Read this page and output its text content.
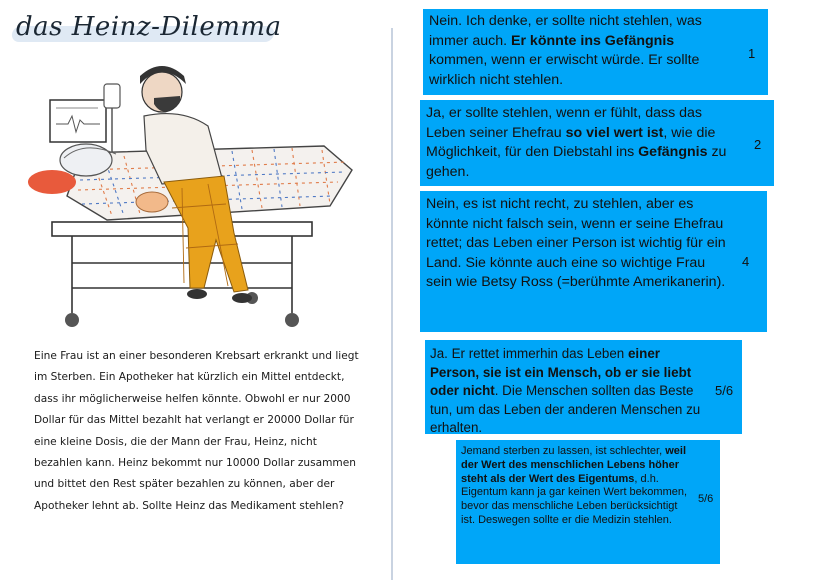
das Heinz-Dilemma

Eine Frau ist an einer besonderen Krebsart erkrankt und liegt im Sterben. Ein Apotheker hat kürzlich ein Mittel entdeckt, dass ihr möglicherweise helfen könnte. Obwohl er nur 2000 Dollar für das Mittel bezahlt hat verlangt er 20000 Dollar für eine kleine Dosis, die der Mann der Frau, Heinz, nicht bezahlen kann. Heinz bekommt nur 10000 Dollar zusammen und bittet den Rest später bezahlen zu können, aber der Apotheker lehnt ab. Sollte Heinz das Medikament stehlen?

Nein. Ich denke, er sollte nicht stehlen, was immer auch. Er könnte ins Gefängnis kommen, wenn er erwischt würde. Er sollte wirklich nicht stehlen.

1

Ja, er sollte stehlen, wenn er fühlt, dass das Leben seiner Ehefrau so viel wert ist, wie die Möglichkeit, für den Diebstahl ins Gefängnis zu gehen.

2

Nein, es ist nicht recht, zu stehlen, aber es könnte nicht falsch sein, wenn er seine Ehefrau rettet; das Leben einer Person ist wichtig für ein Land. Sie könnte auch eine so wichtige Frau sein wie Betsy Ross (=berühmte Amerikanerin).

4

Ja. Er rettet immerhin das Leben einer Person, sie ist ein Mensch, ob er sie liebt oder nicht. Die Menschen sollten das Beste tun, um das Leben der anderen Menschen zu erhalten.

5/6

Jemand sterben zu lassen, ist schlechter, weil der Wert des menschlichen Lebens höher steht als der Wert des Eigentums, d.h. Eigentum kann ja gar keinen Wert bekommen, bevor das menschliche Leben berücksichtigt ist. Deswegen sollte er die Medizin stehlen.

5/6
